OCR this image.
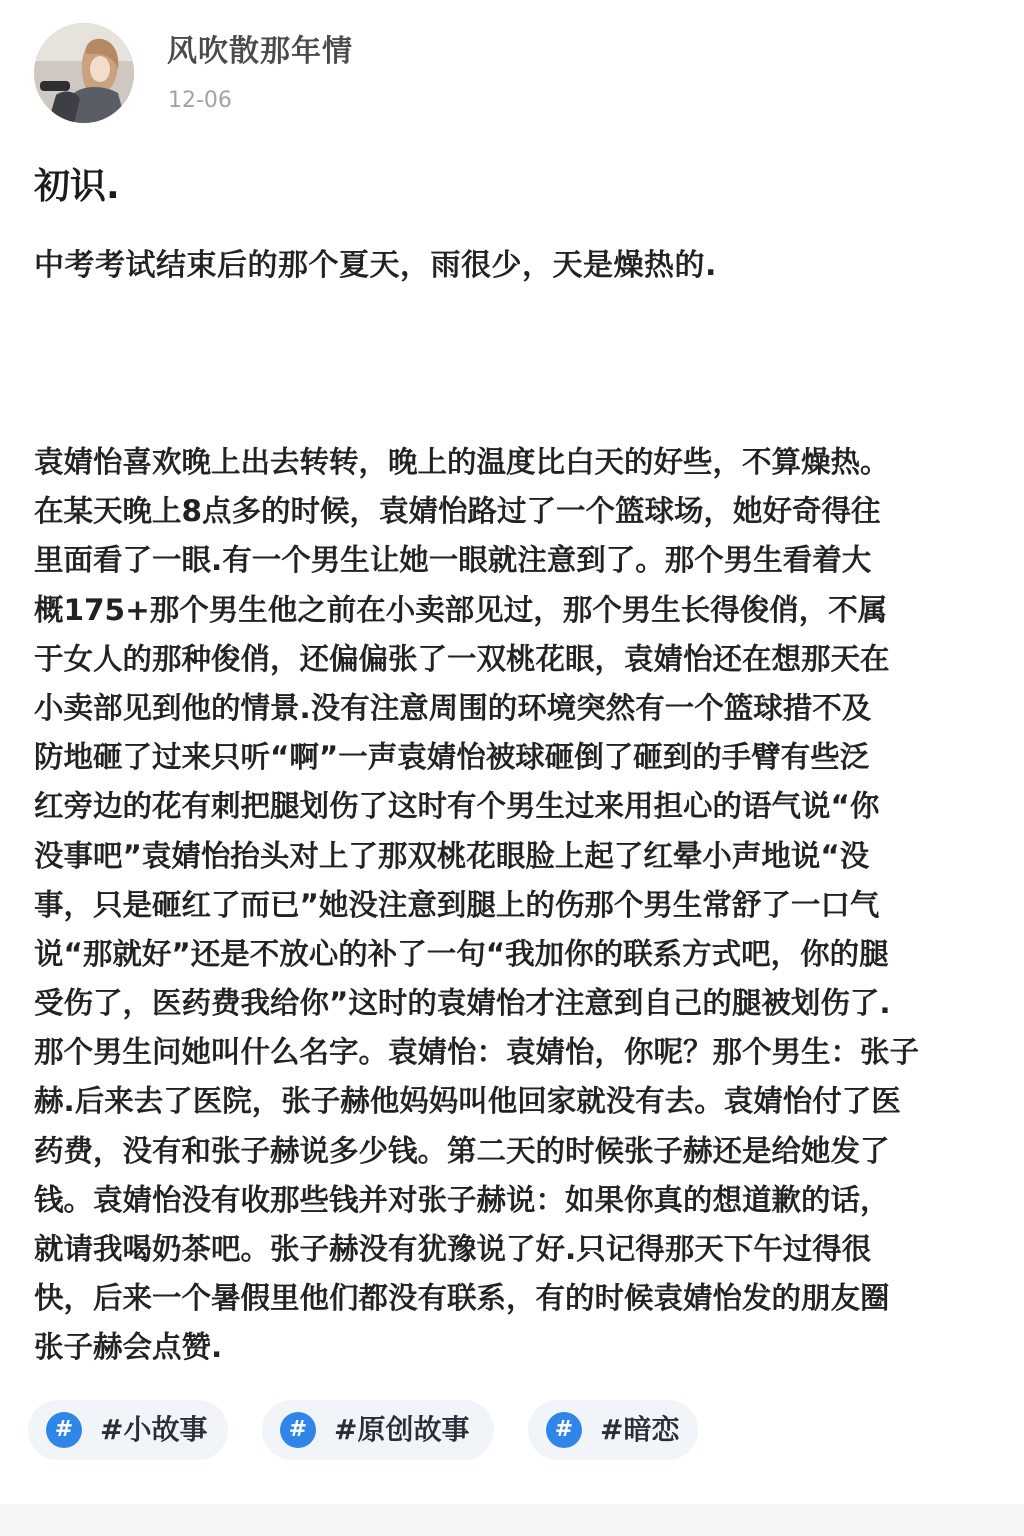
风吹散那年情
12-06
初识.
中考考试结束后的那个夏天，雨很少，天是燥热的.
袁婧怡喜欢晚上出去转转，晚上的温度比白天的好些，不算燥热。
在某天晚上8点多的时候，袁婧怡路过了一个篮球场，她好奇得往
里面看了一眼.有一个男生让她一眼就注意到了。那个男生看着大
概175+那个男生他之前在小卖部见过，那个男生长得俊俏，不属
于女人的那种俊俏，还偏偏张了一双桃花眼，袁婧怡还在想那天在
小卖部见到他的情景.没有注意周围的环境突然有一个篮球措不及
防地砸了过来只听“啊”一声袁婧怡被球砸倒了砸到的手臂有些泛
红旁边的花有刺把腿划伤了这时有个男生过来用担心的语气说“你
没事吧”袁婧怡抬头对上了那双桃花眼脸上起了红晕小声地说“没
事，只是砸红了而已”她没注意到腿上的伤那个男生常舒了一口气
说“那就好”还是不放心的补了一句“我加你的联系方式吧，你的腿
受伤了，医药费我给你”这时的袁婧怡才注意到自己的腿被划伤了.
那个男生问她叫什么名字。袁婧怡：袁婧怡，你呢？那个男生：张子
赫.后来去了医院，张子赫他妈妈叫他回家就没有去。袁婧怡付了医
药费，没有和张子赫说多少钱。第二天的时候张子赫还是给她发了
钱。袁婧怡没有收那些钱并对张子赫说：如果你真的想道歉的话，
就请我喝奶茶吧。张子赫没有犹豫说了好.只记得那天下午过得很
快，后来一个暑假里他们都没有联系，有的时候袁婧怡发的朋友圈
张子赫会点赞.
# #小故事	# #原创故事	# #暗恋
